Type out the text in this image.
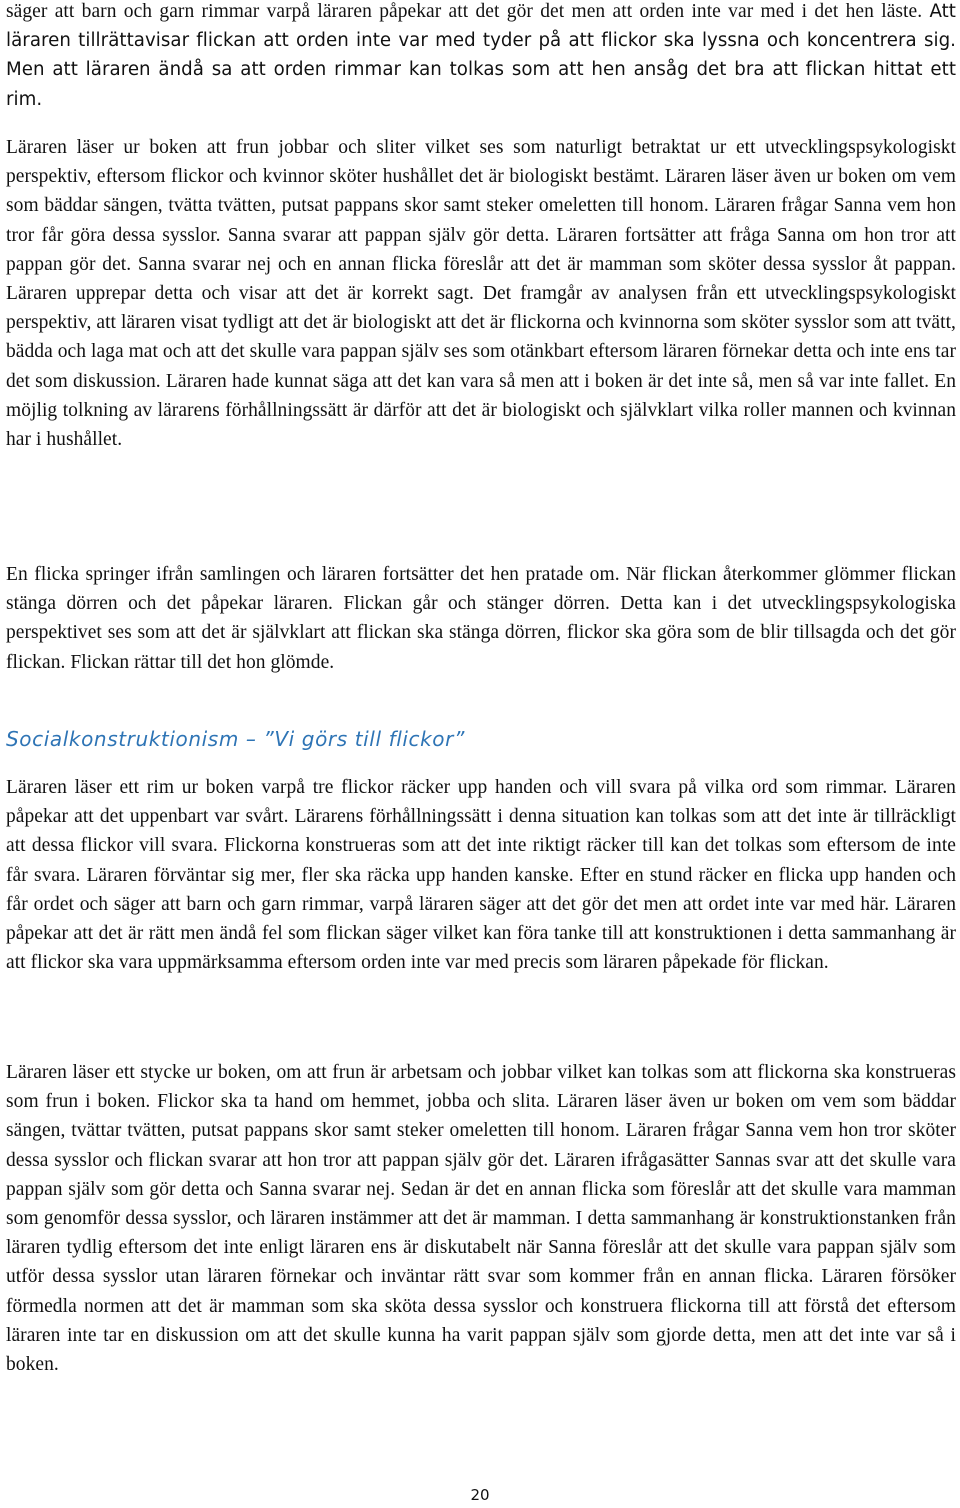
säger att barn och garn rimmar varpå läraren påpekar att det gör det men att orden inte var med i det hen läste. Att läraren tillrättavisar flickan att orden inte var med tyder på att flickor ska lyssna och koncentrera sig. Men att läraren ändå sa att orden rimmar kan tolkas som att hen ansåg det bra att flickan hittat ett rim.

Läraren läser ur boken att frun jobbar och sliter vilket ses som naturligt betraktat ur ett utvecklingspsykologiskt perspektiv, eftersom flickor och kvinnor sköter hushållet det är biologiskt bestämt. Läraren läser även ur boken om vem som bäddar sängen, tvätta tvätten, putsat pappans skor samt steker omeletten till honom. Läraren frågar Sanna vem hon tror får göra dessa sysslor. Sanna svarar att pappan själv gör detta. Läraren fortsätter att fråga Sanna om hon tror att pappan gör det. Sanna svarar nej och en annan flicka föreslår att det är mamman som sköter dessa sysslor åt pappan. Läraren upprepar detta och visar att det är korrekt sagt. Det framgår av analysen från ett utvecklingspsykologiskt perspektiv, att läraren visat tydligt att det är biologiskt att det är flickorna och kvinnorna som sköter sysslor som att tvätt, bädda och laga mat och att det skulle vara pappan själv ses som otänkbart eftersom läraren förnekar detta och inte ens tar det som diskussion. Läraren hade kunnat säga att det kan vara så men att i boken är det inte så, men så var inte fallet. En möjlig tolkning av lärarens förhållningssätt är därför att det är biologiskt och självklart vilka roller mannen och kvinnan har i hushållet.

En flicka springer ifrån samlingen och läraren fortsätter det hen pratade om. När flickan återkommer glömmer flickan stänga dörren och det påpekar läraren. Flickan går och stänger dörren. Detta kan i det utvecklingspsykologiska perspektivet ses som att det är självklart att flickan ska stänga dörren, flickor ska göra som de blir tillsagda och det gör flickan. Flickan rättar till det hon glömde.

Socialkonstruktionism – ”Vi görs till flickor”

Läraren läser ett rim ur boken varpå tre flickor räcker upp handen och vill svara på vilka ord som rimmar. Läraren påpekar att det uppenbart var svårt. Lärarens förhållningssätt i denna situation kan tolkas som att det inte är tillräckligt att dessa flickor vill svara. Flickorna konstrueras som att det inte riktigt räcker till kan det tolkas som eftersom de inte får svara. Läraren förväntar sig mer, fler ska räcka upp handen kanske. Efter en stund räcker en flicka upp handen och får ordet och säger att barn och garn rimmar, varpå läraren säger att det gör det men att ordet inte var med här. Läraren påpekar att det är rätt men ändå fel som flickan säger vilket kan föra tanke till att konstruktionen i detta sammanhang är att flickor ska vara uppmärksamma eftersom orden inte var med precis som läraren påpekade för flickan.

Läraren läser ett stycke ur boken, om att frun är arbetsam och jobbar vilket kan tolkas som att flickorna ska konstrueras som frun i boken. Flickor ska ta hand om hemmet, jobba och slita. Läraren läser även ur boken om vem som bäddar sängen, tvättar tvätten, putsat pappans skor samt steker omeletten till honom. Läraren frågar Sanna vem hon tror sköter dessa sysslor och flickan svarar att hon tror att pappan själv gör det. Läraren ifrågasätter Sannas svar att det skulle vara pappan själv som gör detta och Sanna svarar nej. Sedan är det en annan flicka som föreslår att det skulle vara mamman som genomför dessa sysslor, och läraren instämmer att det är mamman. I detta sammanhang är konstruktionstanken från läraren tydlig eftersom det inte enligt läraren ens är diskutabelt när Sanna föreslår att det skulle vara pappan själv som utför dessa sysslor utan läraren förnekar och inväntar rätt svar som kommer från en annan flicka. Läraren försöker förmedla normen att det är mamman som ska sköta dessa sysslor och konstruera flickorna till att förstå det eftersom läraren inte tar en diskussion om att det skulle kunna ha varit pappan själv som gjorde detta, men att det inte var så i boken.

20
